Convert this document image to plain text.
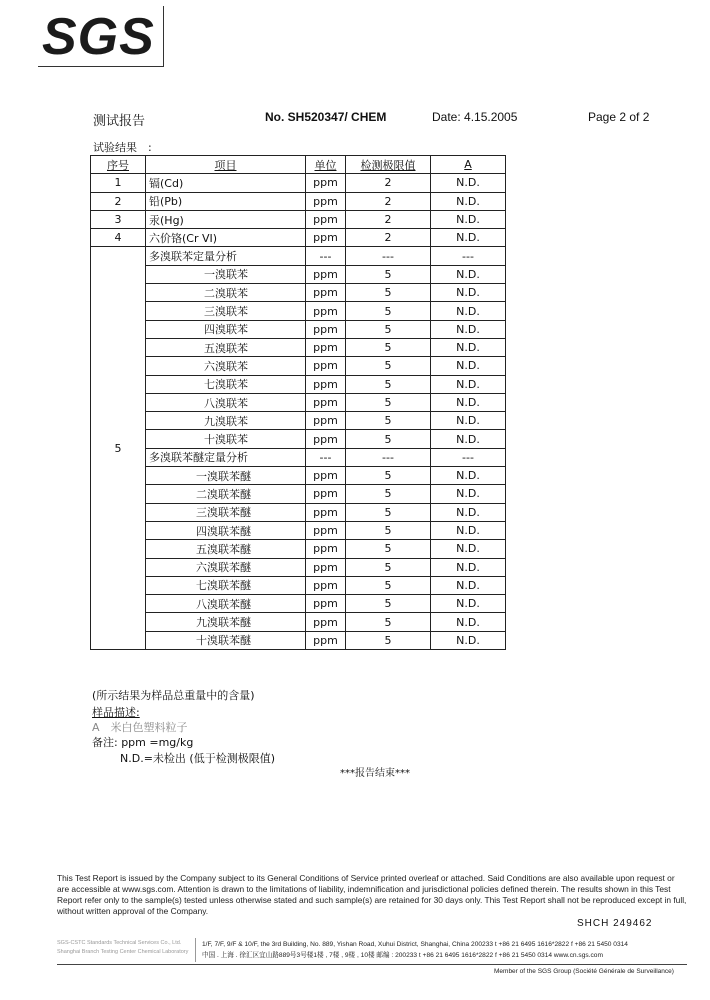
SGS
测试报告	No. SH520347/ CHEM	Date: 4.15.2005	Page 2 of 2
试验结果　:
序号	项目	单位	检测极限值	A
1	镉(Cd)	ppm	2	N.D.
2	铅(Pb)	ppm	2	N.D.
3	汞(Hg)	ppm	2	N.D.
4	六价铬(Cr VI)	ppm	2	N.D.
5	多溴联苯定量分析	---	---	---
	一溴联苯	ppm	5	N.D.
	二溴联苯	ppm	5	N.D.
	三溴联苯	ppm	5	N.D.
	四溴联苯	ppm	5	N.D.
	五溴联苯	ppm	5	N.D.
	六溴联苯	ppm	5	N.D.
	七溴联苯	ppm	5	N.D.
	八溴联苯	ppm	5	N.D.
	九溴联苯	ppm	5	N.D.
	十溴联苯	ppm	5	N.D.
	多溴联苯醚定量分析	---	---	---
	一溴联苯醚	ppm	5	N.D.
	二溴联苯醚	ppm	5	N.D.
	三溴联苯醚	ppm	5	N.D.
	四溴联苯醚	ppm	5	N.D.
	五溴联苯醚	ppm	5	N.D.
	六溴联苯醚	ppm	5	N.D.
	七溴联苯醚	ppm	5	N.D.
	八溴联苯醚	ppm	5	N.D.
	九溴联苯醚	ppm	5	N.D.
	十溴联苯醚	ppm	5	N.D.
(所示结果为样品总重量中的含量)
样品描述:
A　米白色塑料粒子
备注: ppm =mg/kg
N.D.=未检出 (低于检测极限值)
***报告结束***
This Test Report is issued by the Company subject to its General Conditions of Service printed overleaf or attached. Said Conditions are also available upon request or are accessible at www.sgs.com. Attention is drawn to the limitations of liability, indemnification and jurisdictional policies defined therein. The results shown in this Test Report refer only to the sample(s) tested unless otherwise stated and such sample(s) are retained for 30 days only. This Test Report shall not be reproduced except in full, without written approval of the Company.
SHCH 249462
SGS-CSTC Standards Technical Services Co., Ltd.
Shanghai Branch Testing Center Chemical Laboratory
1/F, 7/F, 9/F & 10/F, the 3rd Building, No. 889, Yishan Road, Xuhui District, Shanghai, China 200233 t +86 21 6495 1616*2822 f +86 21 5450 0314
中国 . 上海 . 徐汇区宜山路889号3号楼1楼 , 7楼 , 9楼 , 10楼 邮编 : 200233 t +86 21 6495 1616*2822 f +86 21 5450 0314 www.cn.sgs.com
Member of the SGS Group (Société Générale de Surveillance)
